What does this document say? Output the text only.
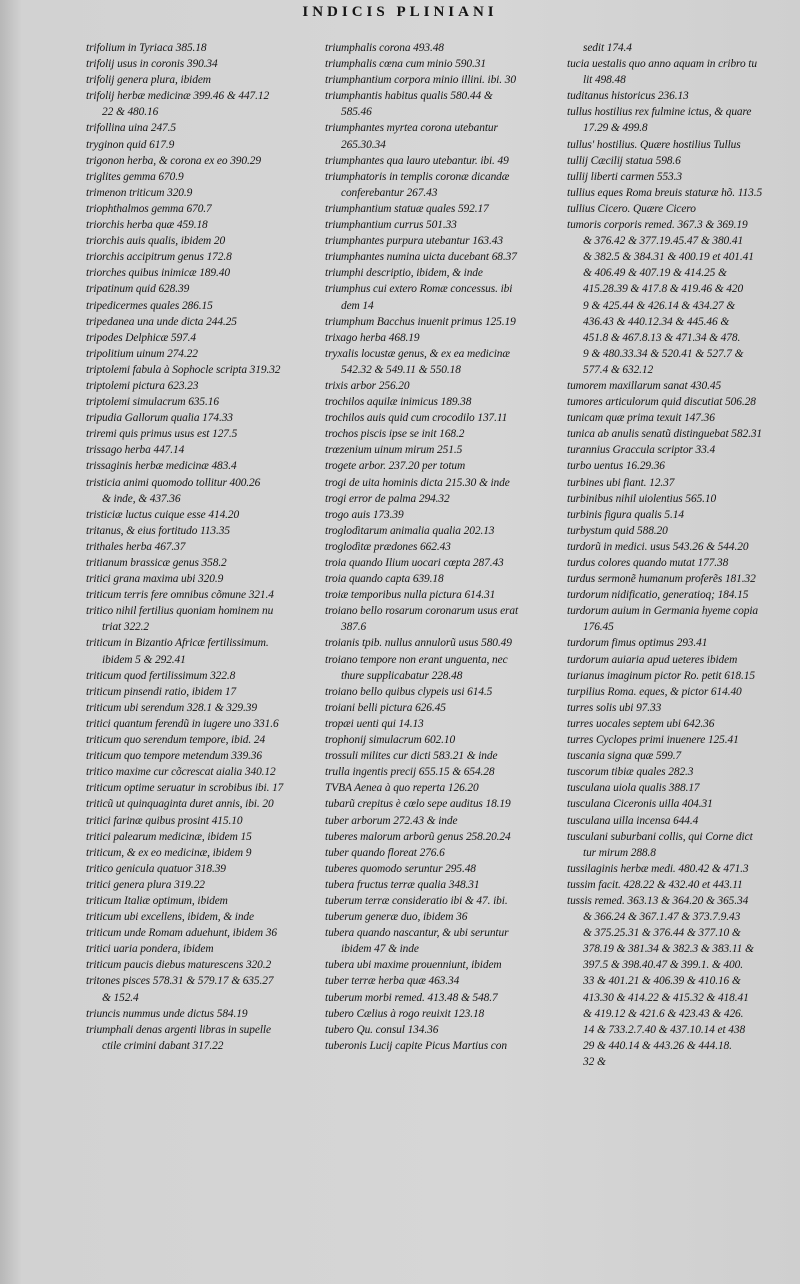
INDICIS PLINIANI
trifolium in Tyriaca 385.18
trifolij usus in coronis 390.34
trifolij genera plura, ibidem
trifolij herbæ medicinæ 399.46 & 447.12
22 & 480.16
trifollina uina 247.5
tryginon quid 617.9
trigonon herba, & corona ex eo 390.29
triglites gemma 670.9
trimenon triticum 320.9
triophthalmos gemma 670.7
triorchis herba quæ 459.18
triorchis auis qualis, ibidem 20
triorchis accipitrum genus 172.8
triorches quibus inimicæ 189.40
tripatinum quid 628.39
tripedicermes quales 286.15
tripedanea una unde dicta 244.25
tripodes Delphicæ 597.4
tripolitium uinum 274.22
triptolemi fabula à Sophocle scripta 319.32
triptolemi pictura 623.23
triptolemi simulacrum 635.16
tripudia Gallorum qualia 174.33
triremi quis primus usus est 127.5
trissago herba 447.14
trissaginis herbæ medicinæ 483.4
tristicia animi quomodo tollitur 400.26
& inde, & 437.36
tristiciæ luctus cuique esse 414.20
tritanus, & eius fortitudo 113.35
trithales herba 467.37
tritianum brassicæ genus 358.2
tritici grana maxima ubi 320.9
triticum terris fere omnibus cõmune 321.4
tritico nihil fertilius quoniam hominem nu
triat 322.2
triticum in Bizantio Africæ fertilissimum.
ibidem 5 & 292.41
triticum quod fertilissimum 322.8
triticum pinsendi ratio, ibidem 17
triticum ubi serendum 328.1 & 329.39
tritici quantum ferendũ in iugere uno 331.6
triticum quo serendum tempore, ibid. 24
triticum quo tempore metendum 339.36
tritico maxime cur cõcrescat aialia 340.12
triticum optime seruatur in scrobibus ibi. 17
triticũ ut quinquaginta duret annis, ibi. 20
tritici farinæ quibus prosint 415.10
tritici palearum medicinæ, ibidem 15
triticum, & ex eo medicinæ, ibidem 9
tritico genicula quatuor 318.39
tritici genera plura 319.22
triticum Italiæ optimum, ibidem
triticum ubi excellens, ibidem, & inde
triticum unde Romam aduehunt, ibidem 36
tritici uaria pondera, ibidem
triticum paucis diebus maturescens 320.2
tritones pisces 578.31 & 579.17 & 635.27
& 152.4
triuncis nummus unde dictus 584.19
triumphali denas argenti libras in supelle
ctile crimini dabant 317.22
triumphalis corona 493.48
triumphalis cœna cum minio 590.31
triumphantium corpora minio illini. ibi. 30
triumphantis habitus qualis 580.44 &
585.46
triumphantes myrtea corona utebantur
265.30.34
triumphantes qua lauro utebantur. ibi. 49
triumphatoris in templis coronæ dicandæ
conferebantur 267.43
triumphantium statuæ quales 592.17
triumphantium currus 501.33
triumphantes purpura utebantur 163.43
triumphantes numina uicta ducebant 68.37
triumphi descriptio, ibidem, & inde
triumphus cui extero Romæ concessus. ibi
dem 14
triumphum Bacchus inuenit primus 125.19
trixago herba 468.19
tryxalis locustæ genus, & ex ea medicinæ
542.32 & 549.11 & 550.18
trixis arbor 256.20
trochilos aquilæ inimicus 189.38
trochilos auis quid cum crocodilo 137.11
trochos piscis ipse se init 168.2
trœzenium uinum mirum 251.5
trogete arbor. 237.20 per totum
trogi de uita hominis dicta 215.30 & inde
trogi error de palma 294.32
trogo auis 173.39
troglodìtarum animalia qualia 202.13
troglodìtæ prædones 662.43
troia quando Ilium uocari cœpta 287.43
troia quando capta 639.18
troiæ temporibus nulla pictura 614.31
troiano bello rosarum coronarum usus erat
387.6
troianis tpib. nullus annulorũ usus 580.49
troiano tempore non erant unguenta, nec
thure supplicabatur 228.48
troiano bello quibus clypeis usi 614.5
troiani belli pictura 626.45
tropæi uenti qui 14.13
trophonij simulacrum 602.10
trossuli milites cur dicti 583.21 & inde
trulla ingentis precij 655.15 & 654.28
TVBA Aenea à quo reperta 126.20
tubarũ crepitus è cœlo sepe auditus 18.19
tuber arborum 272.43 & inde
tuberes malorum arborũ genus 258.20.24
tuber quando floreat 276.6
tuberes quomodo seruntur 295.48
tubera fructus terræ qualia 348.31
tuberum terræ consideratio ibi & 47. ibi.
tuberum generæ duo, ibidem 36
tubera quando nascantur, & ubi seruntur
ibidem 47 & inde
tubera ubi maxime prouenniunt, ibidem
tuber terræ herba quæ 463.34
tuberum morbi remed. 413.48 & 548.7
tubero Cælius à rogo reuixit 123.18
tubero Qu. consul 134.36
tuberonis Lucij capite Picus Martius con
sedit 174.4
tucia uestalis quo anno aquam in cribro tu
lit 498.48
tuditanus historicus 236.13
tullus hostilius rex fulmine ictus, & quare
17.29 & 499.8
tullus' hostilius. Quære hostilius Tullus
tullij Cæcilij statua 598.6
tullij liberti carmen 553.3
tullius eques Roma breuis staturæ hõ. 113.5
tullius Cicero. Quære Cicero
tumoris corporis remed. 367.3 & 369.19
& 376.42 & 377.19.45.47 & 380.41
& 382.5 & 384.31 & 400.19 et 401.41
& 406.49 & 407.19 & 414.25 &
415.28.39 & 417.8 & 419.46 & 420
9 & 425.44 & 426.14 & 434.27 &
436.43 & 440.12.34 & 445.46 &
451.8 & 467.8.13 & 471.34 & 478.
9 & 480.33.34 & 520.41 & 527.7 &
577.4 & 632.12
tumorem maxillarum sanat 430.45
tumores articulorum quid discutiat 506.28
tunicam quæ prima texuit 147.36
tunica ab anulis senatũ distinguebat 582.31
turannius Graccula scriptor 33.4
turbo uentus 16.29.36
turbines ubi fiant. 12.37
turbinibus nihil uiolentius 565.10
turbinis figura qualis 5.14
turbystum quid 588.20
turdorũ in medici. usus 543.26 & 544.20
turdus colores quando mutat 177.38
turdus sermonẽ humanum proferẽs 181.32
turdorum nidificatio, generatioq; 184.15
turdorum auium in Germania hyeme copia
176.45
turdorum fimus optimus 293.41
turdorum auiaria apud ueteres ibidem
turianus imaginum pictor Ro. petit 618.15
turpilius Roma. eques, & pictor 614.40
turres solis ubi 97.33
turres uocales septem ubi 642.36
turres Cyclopes primi inuenere 125.41
tuscania signa quæ 599.7
tuscorum tibiæ quales 282.3
tusculana uiola qualis 388.17
tusculana Ciceronis uilla 404.31
tusculana uilla incensa 644.4
tusculani suburbani collis, qui Corne dict
tur mirum 288.8
tussilaginis herbæ medi. 480.42 & 471.3
tussim facit. 428.22 & 432.40 et 443.11
tussis remed. 363.13 & 364.20 & 365.34
& 366.24 & 367.1.47 & 373.7.9.43
& 375.25.31 & 376.44 & 377.10 &
378.19 & 381.34 & 382.3 & 383.11 &
397.5 & 398.40.47 & 399.1. & 400.
33 & 401.21 & 406.39 & 410.16 &
413.30 & 414.22 & 415.32 & 418.41
& 419.12 & 421.6 & 423.43 & 426.
14 & 733.2.7.40 & 437.10.14 et 438
29 & 440.14 & 443.26 & 444.18.
32 &
